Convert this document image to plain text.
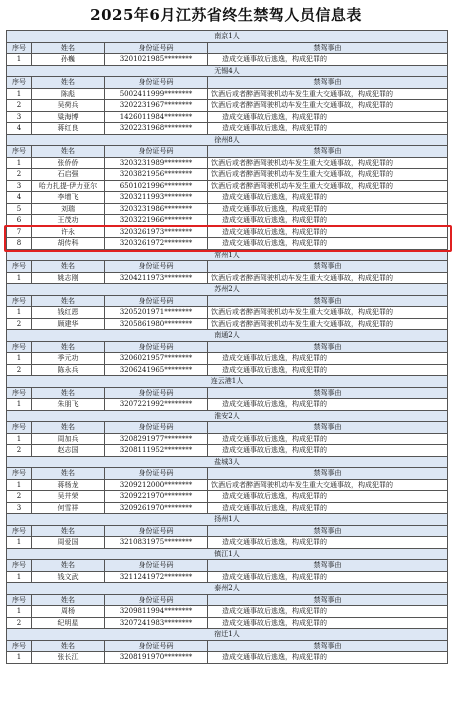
2025年6月江苏省终生禁驾人员信息表
南京1人
序号	姓名	身份证号码	禁驾事由
1	孙巍	3201021985********	造成交通事故后逃逸，构成犯罪的
无锡4人
序号	姓名	身份证号码	禁驾事由
1	陈彪	5002411999********	饮酒后或者醉酒驾驶机动车发生重大交通事故，构成犯罪的
2	吴荷兵	3202231967********	饮酒后或者醉酒驾驶机动车发生重大交通事故，构成犯罪的
3	粱海博	1426011984********	造成交通事故后逃逸，构成犯罪的
4	蒋红良	3202231968********	造成交通事故后逃逸，构成犯罪的
徐州8人
序号	姓名	身份证号码	禁驾事由
1	张侨侨	3203231989********	饮酒后或者醉酒驾驶机动车发生重大交通事故，构成犯罪的
2	石启强	3203821956********	饮酒后或者醉酒驾驶机动车发生重大交通事故，构成犯罪的
3	哈力扎提·伊力亚尔	6501021996********	饮酒后或者醉酒驾驶机动车发生重大交通事故，构成犯罪的
4	李增飞	3203211993********	造成交通事故后逃逸，构成犯罪的
5	刘瑞	3203231986********	造成交通事故后逃逸，构成犯罪的
6	王茂功	3203221966********	造成交通事故后逃逸，构成犯罪的
7	许永	3203261973********	造成交通事故后逃逸，构成犯罪的
8	胡传科	3203261972********	造成交通事故后逃逸，构成犯罪的
常州1人
序号	姓名	身份证号码	禁驾事由
1	姚志刚	3204211973********	饮酒后或者醉酒驾驶机动车发生重大交通事故，构成犯罪的
苏州2人
序号	姓名	身份证号码	禁驾事由
1	钱红恩	3205201971********	饮酒后或者醉酒驾驶机动车发生重大交通事故，构成犯罪的
2	顾建华	3205861980********	饮酒后或者醉酒驾驶机动车发生重大交通事故，构成犯罪的
南通2人
序号	姓名	身份证号码	禁驾事由
1	季元功	3206021957********	造成交通事故后逃逸，构成犯罪的
2	陈永兵	3206241965********	造成交通事故后逃逸，构成犯罪的
连云港1人
序号	姓名	身份证号码	禁驾事由
1	朱朋飞	3207221992********	造成交通事故后逃逸，构成犯罪的
淮安2人
序号	姓名	身份证号码	禁驾事由
1	周加兵	3208291977********	造成交通事故后逃逸，构成犯罪的
2	赵志国	3208111952********	造成交通事故后逃逸，构成犯罪的
盐城3人
序号	姓名	身份证号码	禁驾事由
1	蒋杨龙	3209212000********	饮酒后或者醉酒驾驶机动车发生重大交通事故，构成犯罪的
2	吴井荣	3209221970********	造成交通事故后逃逸，构成犯罪的
3	何雪祥	3209261970********	造成交通事故后逃逸，构成犯罪的
扬州1人
序号	姓名	身份证号码	禁驾事由
1	周爱国	3210831975********	造成交通事故后逃逸，构成犯罪的
镇江1人
序号	姓名	身份证号码	禁驾事由
1	钱文武	3211241972********	造成交通事故后逃逸，构成犯罪的
泰州2人
序号	姓名	身份证号码	禁驾事由
1	周杨	3209811994********	造成交通事故后逃逸，构成犯罪的
2	纪明星	3207241983********	造成交通事故后逃逸，构成犯罪的
宿迁1人
序号	姓名	身份证号码	禁驾事由
1	张长江	3208191970********	造成交通事故后逃逸，构成犯罪的
